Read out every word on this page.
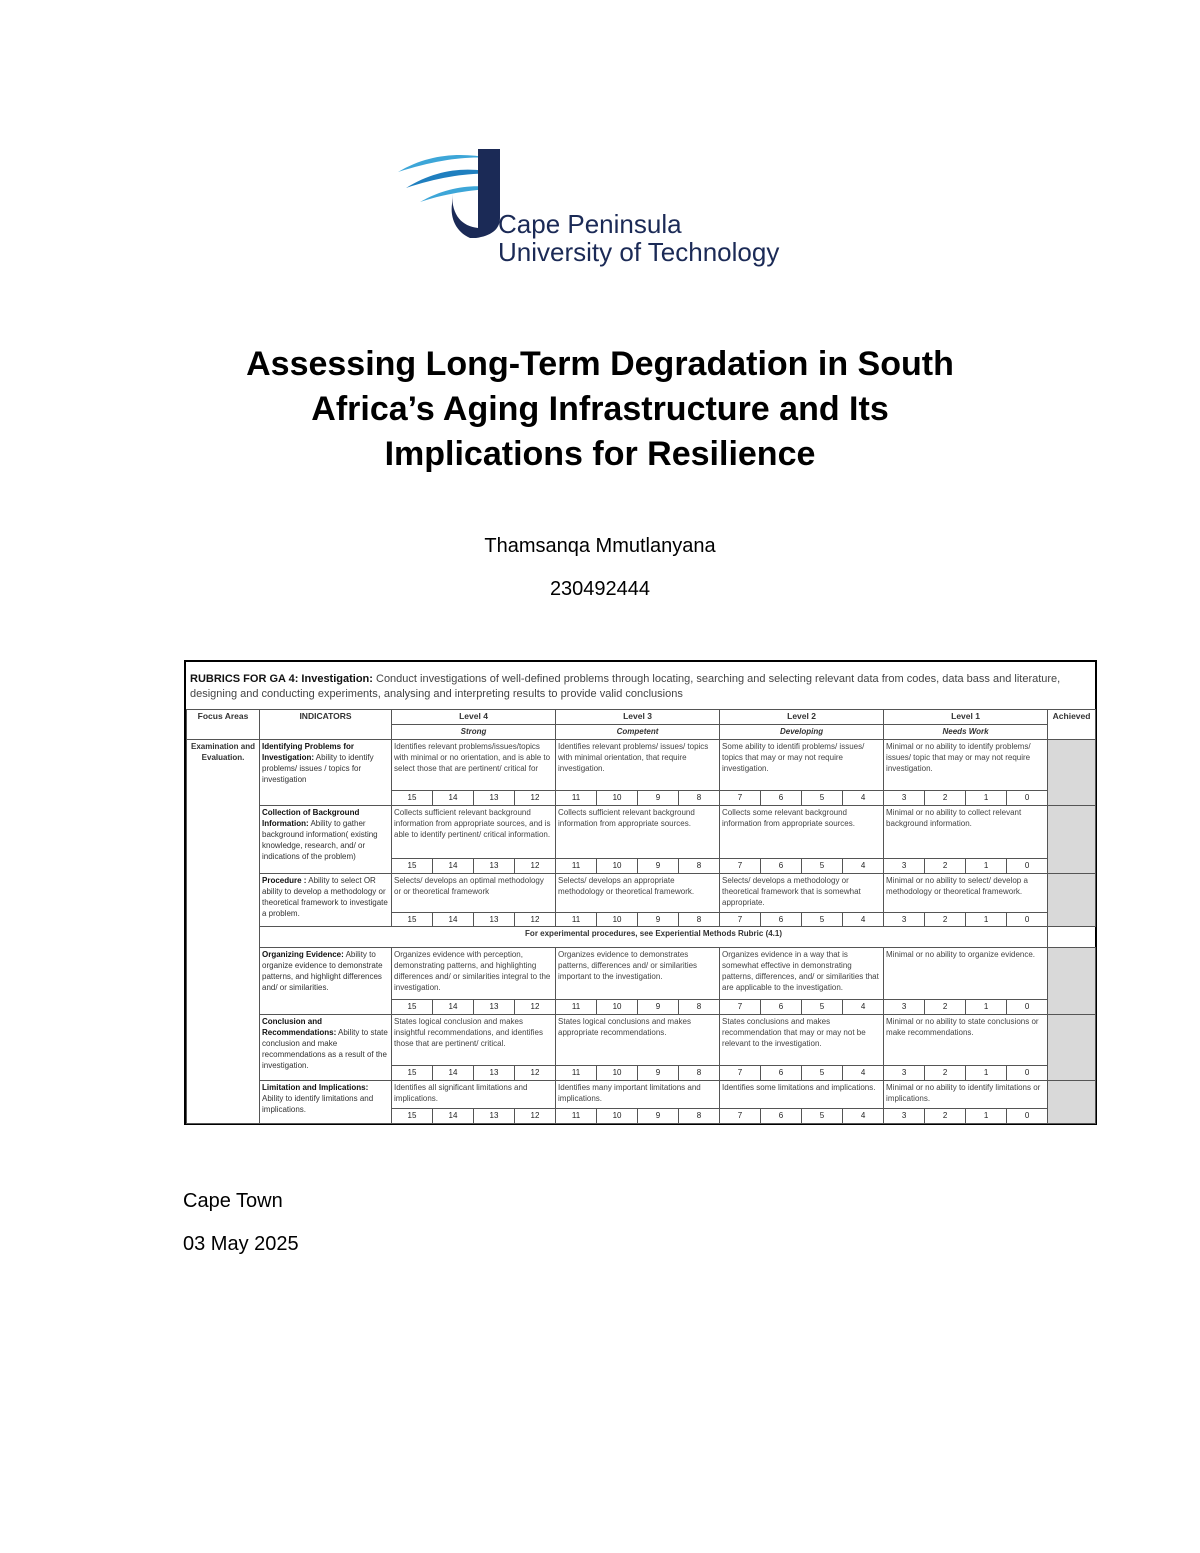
Cape Peninsula
University of Technology
Assessing Long-Term Degradation in South
Africa’s Aging Infrastructure and Its
Implications for Resilience
Thamsanqa Mmutlanyana
230492444
RUBRICS FOR GA 4: Investigation: Conduct investigations of well-defined problems through locating, searching and selecting relevant data from codes, data bass and literature, designing and conducting experiments, analysing and interpreting results to provide valid conclusions
Focus Areas	INDICATORS	Level 4				Level 3				Level 2				Level 1				Achieved
		Strong				Competent				Developing				Needs Work				
Examination and Evaluation.	Identifying Problems for Investigation: Ability to identify problems/ issues / topics for investigation	Identifies relevant problems/issues/topics with minimal or no orientation, and is able to select those that are pertinent/ critical for				Identifies relevant problems/ issues/ topics with minimal orientation, that require investigation.				Some ability to identifi problems/ issues/ topics that may or may not require investigation.				Minimal or no ability to identify problems/ issues/ topic that may or may not require investigation.				
		15	14	13	12	11	10	9	8	7	6	5	4	3	2	1	0	
	Collection of Background Information: Ability to gather background information( existing knowledge, research, and/ or indications of the problem)	Collects sufficient relevant background information from appropriate sources, and is able to identify pertinent/ critical information.				Collects sufficient relevant background information from appropriate sources.				Collects some relevant background information from appropriate sources.				Minimal or no ability to collect relevant background information.				
		15	14	13	12	11	10	9	8	7	6	5	4	3	2	1	0	
	Procedure : Ability to select OR ability to develop a methodology or theoretical framework to investigate a problem.	Selects/ develops an optimal methodology or or theoretical framework				Selects/ develops an appropriate methodology or theoretical framework.				Selects/ develops a methodology or theoretical framework that is somewhat appropriate.				Minimal or no ability to select/ develop a methodology or theoretical framework.				
		15	14	13	12	11	10	9	8	7	6	5	4	3	2	1	0	
	For experimental procedures, see Experiential Methods Rubric (4.1)																	
	Organizing Evidence: Ability to organize evidence to demonstrate patterns, and highlight differences and/ or similarities.	Organizes evidence with perception, demonstrating patterns, and highlighting differences and/ or similarities integral to the investigation.				Organizes evidence to demonstrates patterns, differences and/ or similarities important to the investigation.				Organizes evidence in a way that is somewhat effective in demonstrating patterns, differences, and/ or similarities that are applicable to the investigation.				Minimal or no ability to organize evidence.				
		15	14	13	12	11	10	9	8	7	6	5	4	3	2	1	0	
	Conclusion and Recommendations: Ability to state conclusion and make recommendations as a result of the investigation.	States logical conclusion and makes insightful recommendations, and identifies those that are pertinent/ critical.				States logical conclusions and makes appropriate recommendations.				States conclusions and makes recommendation that may or may not be relevant to the investigation.				Minimal or no ability to state conclusions or make recommendations.				
		15	14	13	12	11	10	9	8	7	6	5	4	3	2	1	0	
	Limitation and Implications: Ability to identify limitations and implications.	Identifies all significant limitations and implications.				Identifies many important limitations and implications.				Identifies some limitations and implications.				Minimal or no ability to identify limitations or implications.				
		15	14	13	12	11	10	9	8	7	6	5	4	3	2	1	0	
Cape Town
03 May 2025
